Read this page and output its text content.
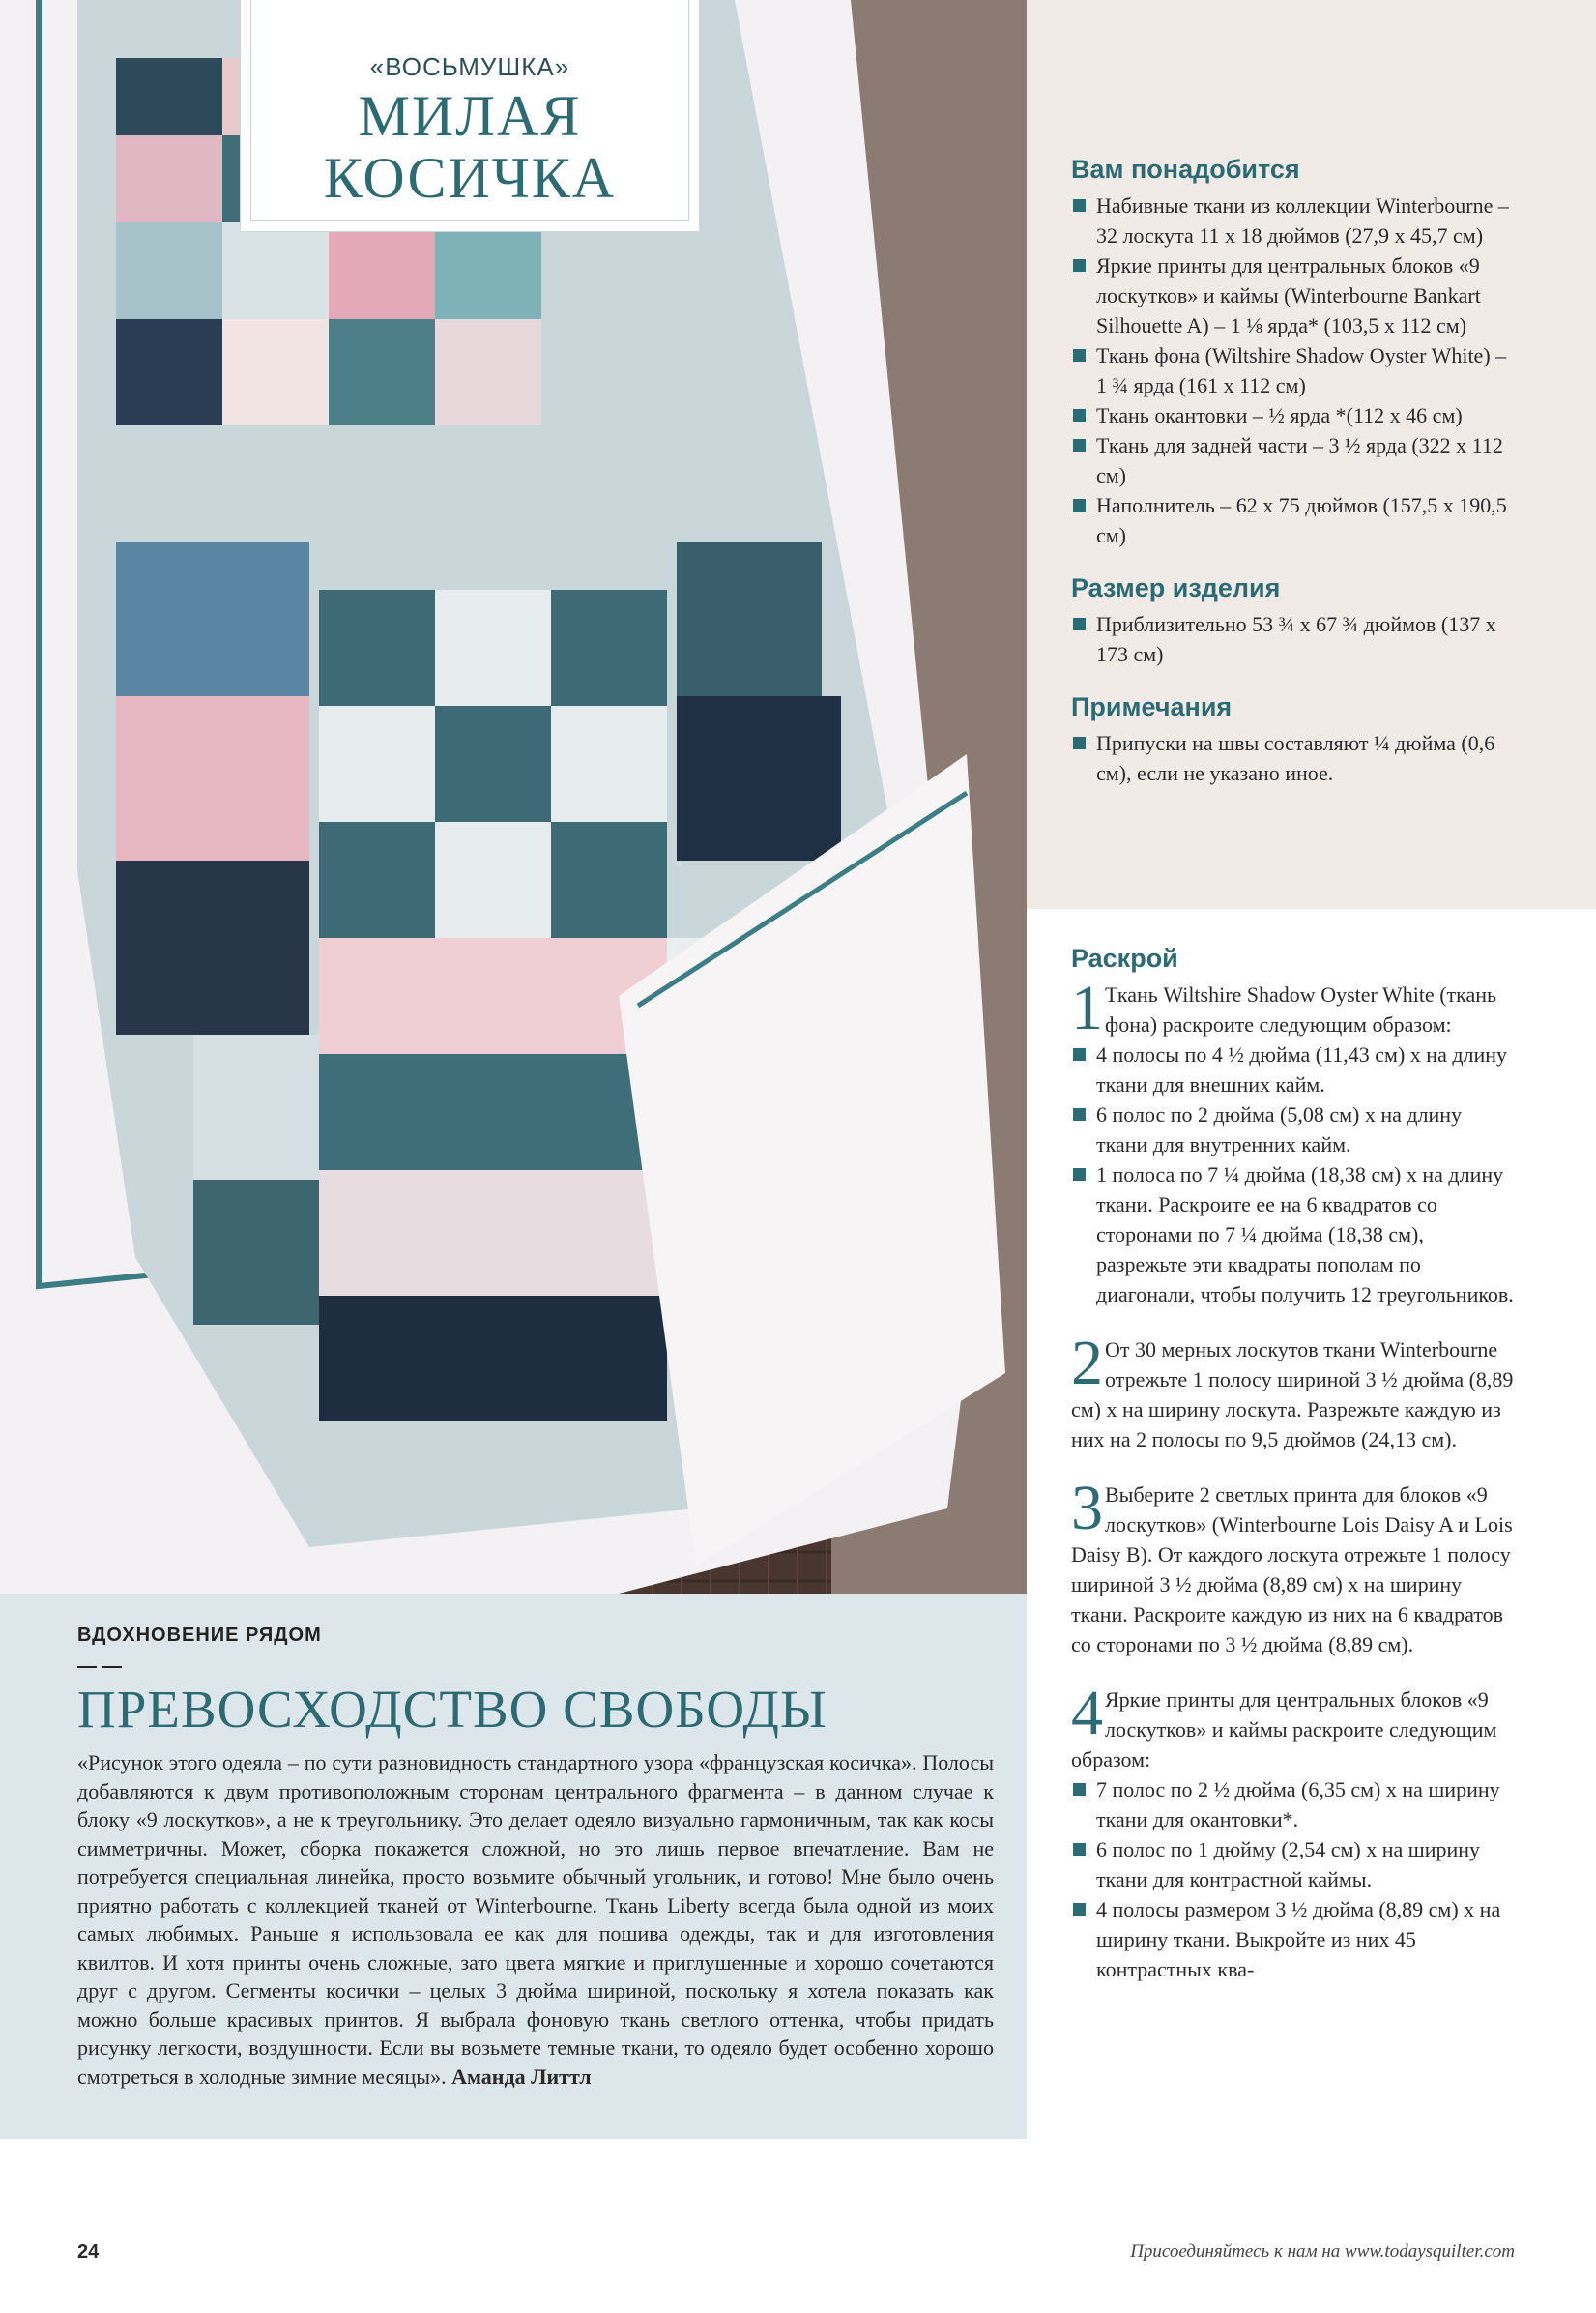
«ВОСЬМУШКА»
МИЛАЯ
КОСИЧКА	Вам понадобится
Набивные ткани из коллекции Winterbourne – 32 лоскута 11 x 18 дюймов (27,9 x 45,7 см)
Яркие принты для центральных блоков «9 лоскутков» и каймы (Winterbourne Bankart Silhouette A) – 1 ⅛ ярда* (103,5 x 112 см)
Ткань фона (Wiltshire Shadow Oyster White) – 1 ¾ ярда (161 x 112 см)
Ткань окантовки – ½ ярда *(112 x 46 см)
Ткань для задней части – 3 ½ ярда (322 x 112 см)
Наполнитель – 62 x 75 дюймов (157,5 x 190,5 см)
Размер изделия
Приблизительно 53 ¾ x 67 ¾ дюймов (137 x 173 см)
Примечания
Припуски на швы составляют ¼ дюйма (0,6 см), если не указано иное.
Раскрой
1 Ткань Wiltshire Shadow Oyster White (ткань фона) раскроите следующим образом:

4 полосы по 4 ½ дюйма (11,43 см) x на длину ткани для внешних кайм.
6 полос по 2 дюйма (5,08 см) x на длину ткани для внутренних кайм.
1 полоса по 7 ¼ дюйма (18,38 см) x на длину ткани. Раскроите ее на 6 квадратов со сторонами по 7 ¼ дюйма (18,38 см), разрежьте эти квадраты пополам по диагонали, чтобы получить 12 треугольников.
2 От 30 мерных лоскутов ткани Winterbourne отрежьте 1 полосу шириной 3 ½ дюйма (8,89 см) x на ширину лоскута. Разрежьте каждую из них на 2 полосы по 9,5 дюймов (24,13 см).

3 Выберите 2 светлых принта для блоков «9 лоскутков» (Winterbourne Lois Daisy A и Lois Daisy B). От каждого лоскута отрежьте 1 полосу шириной 3 ½ дюйма (8,89 см) x на ширину ткани. Раскроите каждую из них на 6 квадратов со сторонами по 3 ½ дюйма (8,89 см).

4 Яркие принты для центральных блоков «9 лоскутков» и каймы раскроите следующим образом:

7 полос по 2 ½ дюйма (6,35 см) x на ширину ткани для окантовки*.
6 полос по 1 дюйму (2,54 см) x на ширину ткани для контрастной каймы.
4 полосы размером 3 ½ дюйма (8,89 см) x на ширину ткани. Выкройте из них 45 контрастных ква-
ВДОХНОВЕНИЕ РЯДОМ
ПРЕВОСХОДСТВО СВОБОДЫ
«Рисунок этого одеяла – по сути разновидность стандартного узора «французская косичка». Полосы добавляются к двум противоположным сторонам центрального фрагмента – в данном случае к блоку «9 лоскутков», а не к треугольнику. Это делает одеяло визуально гармоничным, так как косы симметричны. Может, сборка покажется сложной, но это лишь первое впечатление. Вам не потребуется специальная линейка, просто возьмите обычный угольник, и готово! Мне было очень приятно работать с коллекцией тканей от Winterbourne. Ткань Liberty всегда была одной из моих самых любимых. Раньше я использовала ее как для пошива одежды, так и для изготовления квилтов. И хотя принты очень сложные, зато цвета мягкие и приглушенные и хорошо сочетаются друг с другом. Сегменты косички – целых 3 дюйма шириной, поскольку я хотела показать как можно больше красивых принтов. Я выбрала фоновую ткань светлого оттенка, чтобы придать рисунку легкости, воздушности. Если вы возьмете темные ткани, то одеяло будет особенно хорошо смотреться в холодные зимние месяцы». Аманда Литтл
24	Присоединяйтесь к нам на www.todaysquilter.com
